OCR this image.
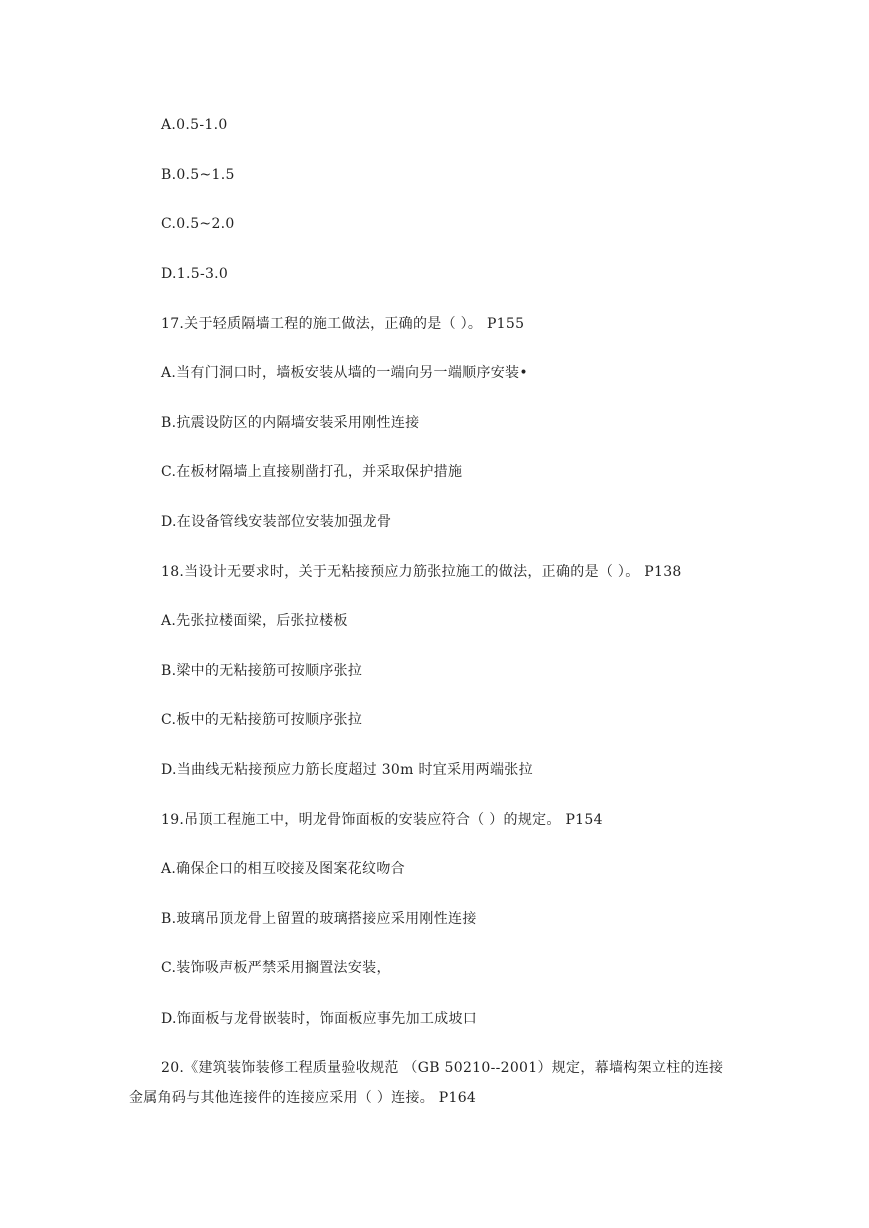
A.0.5-1.0
B.0.5~1.5
C.0.5~2.0
D.1.5-3.0
17.关于轻质隔墙工程的施工做法，正确的是（ ）。 P155
A.当有门洞口时，墙板安装从墙的一端向另一端顺序安装•
B.抗震设防区的内隔墙安装采用刚性连接
C.在板材隔墙上直接剔凿打孔，并采取保护措施
D.在设备管线安装部位安装加强龙骨
18.当设计无要求时，关于无粘接预应力筋张拉施工的做法，正确的是（ ）。 P138
A.先张拉楼面梁，后张拉楼板
B.梁中的无粘接筋可按顺序张拉
C.板中的无粘接筋可按顺序张拉
D.当曲线无粘接预应力筋长度超过 30m 时宜采用两端张拉
19.吊顶工程施工中，明龙骨饰面板的安装应符合（ ）的规定。 P154
A.确保企口的相互咬接及图案花纹吻合
B.玻璃吊顶龙骨上留置的玻璃搭接应采用刚性连接
C.装饰吸声板严禁采用搁置法安装，
D.饰面板与龙骨嵌装时，饰面板应事先加工成坡口
20.《建筑装饰装修工程质量验收规范 （GB 50210--2001）规定，幕墙构架立柱的连接
金属角码与其他连接件的连接应采用（ ）连接。 P164
